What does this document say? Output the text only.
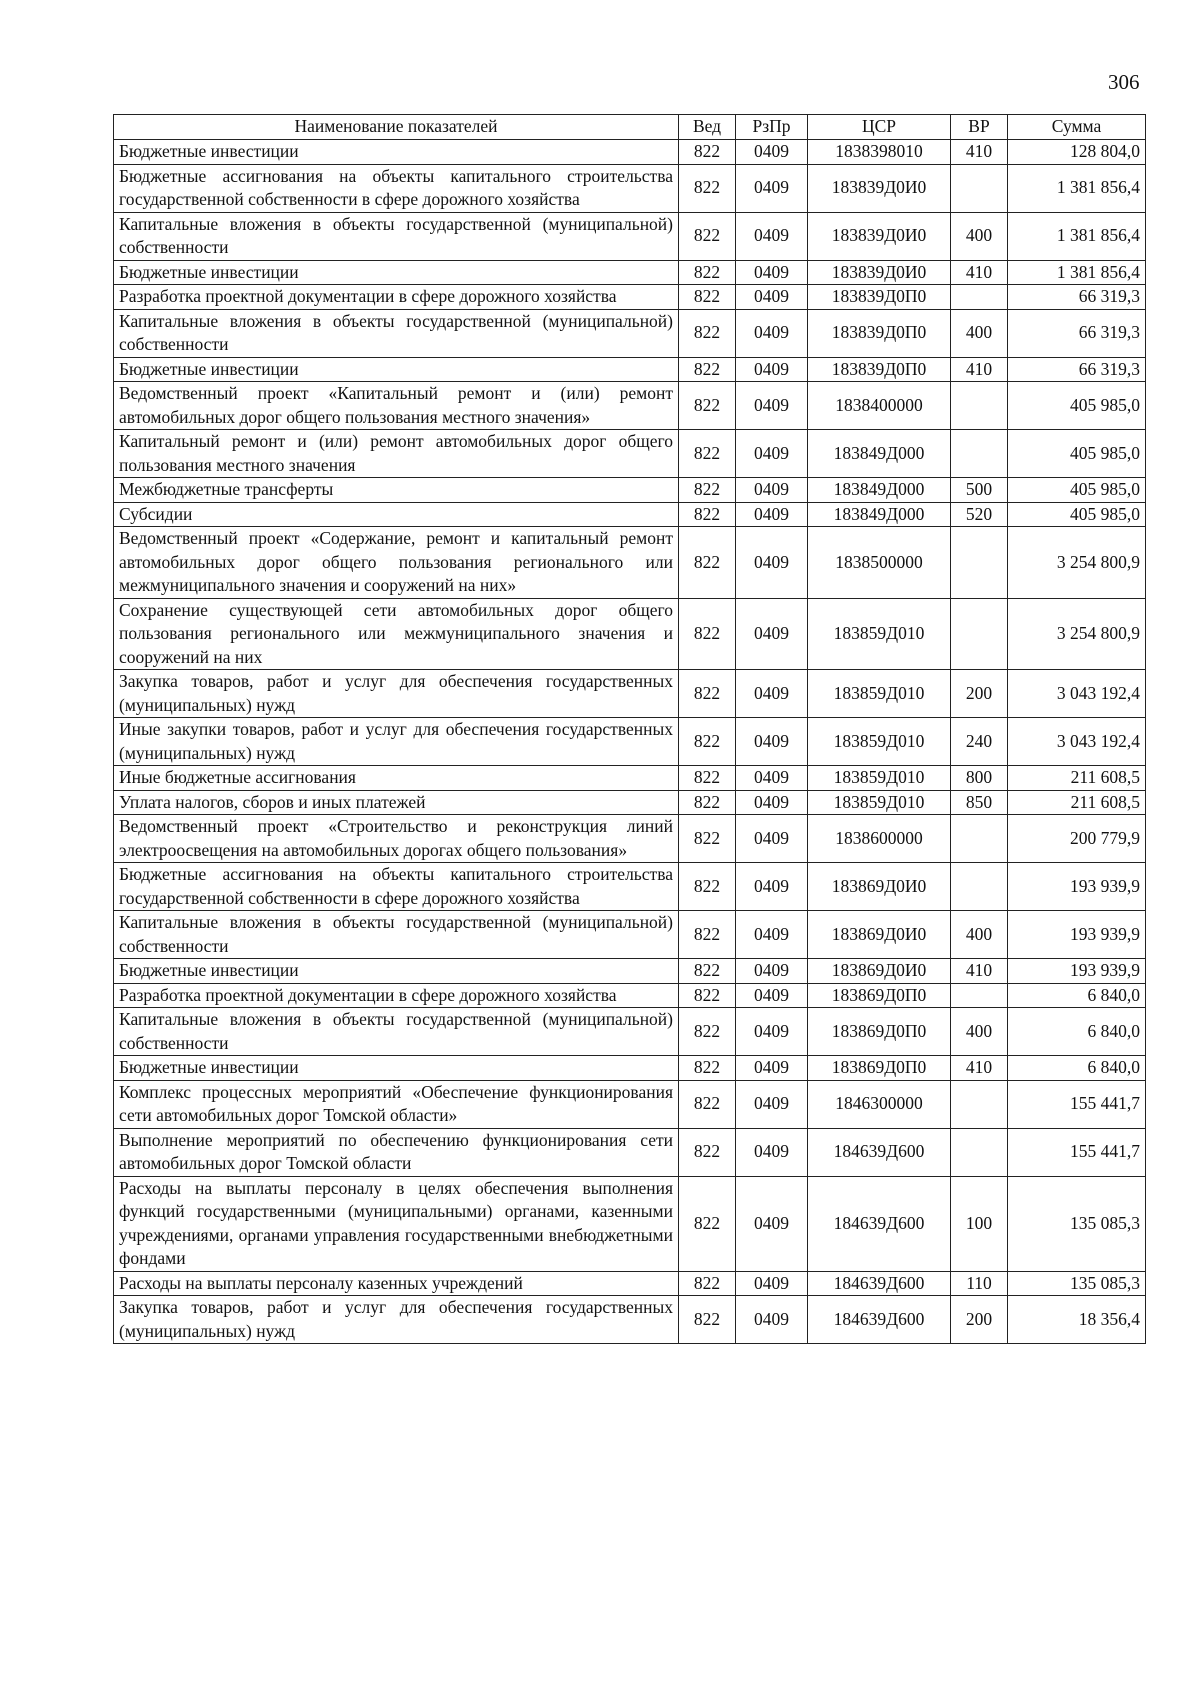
306
Наименование показателей	Вед	РзПр	ЦСР	ВР	Сумма
Бюджетные инвестиции	822	0409	1838398010	410	128 804,0
Бюджетные ассигнования на объекты капитального строительства государственной собственности в сфере дорожного хозяйства	822	0409	183839Д0И0		1 381 856,4
Капитальные вложения в объекты государственной (муниципальной) собственности	822	0409	183839Д0И0	400	1 381 856,4
Бюджетные инвестиции	822	0409	183839Д0И0	410	1 381 856,4
Разработка проектной документации в сфере дорожного хозяйства	822	0409	183839Д0П0		66 319,3
Капитальные вложения в объекты государственной (муниципальной) собственности	822	0409	183839Д0П0	400	66 319,3
Бюджетные инвестиции	822	0409	183839Д0П0	410	66 319,3
Ведомственный проект «Капитальный ремонт и (или) ремонт автомобильных дорог общего пользования местного значения»	822	0409	1838400000		405 985,0
Капитальный ремонт и (или) ремонт автомобильных дорог общего пользования местного значения	822	0409	183849Д000		405 985,0
Межбюджетные трансферты	822	0409	183849Д000	500	405 985,0
Субсидии	822	0409	183849Д000	520	405 985,0
Ведомственный проект «Содержание, ремонт и капитальный ремонт автомобильных дорог общего пользования регионального или межмуниципального значения и сооружений на них»	822	0409	1838500000		3 254 800,9
Сохранение существующей сети автомобильных дорог общего пользования регионального или межмуниципального значения и сооружений на них	822	0409	183859Д010		3 254 800,9
Закупка товаров, работ и услуг для обеспечения государственных (муниципальных) нужд	822	0409	183859Д010	200	3 043 192,4
Иные закупки товаров, работ и услуг для обеспечения государственных (муниципальных) нужд	822	0409	183859Д010	240	3 043 192,4
Иные бюджетные ассигнования	822	0409	183859Д010	800	211 608,5
Уплата налогов, сборов и иных платежей	822	0409	183859Д010	850	211 608,5
Ведомственный проект «Строительство и реконструкция линий электроосвещения на автомобильных дорогах общего пользования»	822	0409	1838600000		200 779,9
Бюджетные ассигнования на объекты капитального строительства государственной собственности в сфере дорожного хозяйства	822	0409	183869Д0И0		193 939,9
Капитальные вложения в объекты государственной (муниципальной) собственности	822	0409	183869Д0И0	400	193 939,9
Бюджетные инвестиции	822	0409	183869Д0И0	410	193 939,9
Разработка проектной документации в сфере дорожного хозяйства	822	0409	183869Д0П0		6 840,0
Капитальные вложения в объекты государственной (муниципальной) собственности	822	0409	183869Д0П0	400	6 840,0
Бюджетные инвестиции	822	0409	183869Д0П0	410	6 840,0
Комплекс процессных мероприятий «Обеспечение функционирования сети автомобильных дорог Томской области»	822	0409	1846300000		155 441,7
Выполнение мероприятий по обеспечению функционирования сети автомобильных дорог Томской области	822	0409	184639Д600		155 441,7
Расходы на выплаты персоналу в целях обеспечения выполнения функций государственными (муниципальными) органами, казенными учреждениями, органами управления государственными внебюджетными фондами	822	0409	184639Д600	100	135 085,3
Расходы на выплаты персоналу казенных учреждений	822	0409	184639Д600	110	135 085,3
Закупка товаров, работ и услуг для обеспечения государственных (муниципальных) нужд	822	0409	184639Д600	200	18 356,4
